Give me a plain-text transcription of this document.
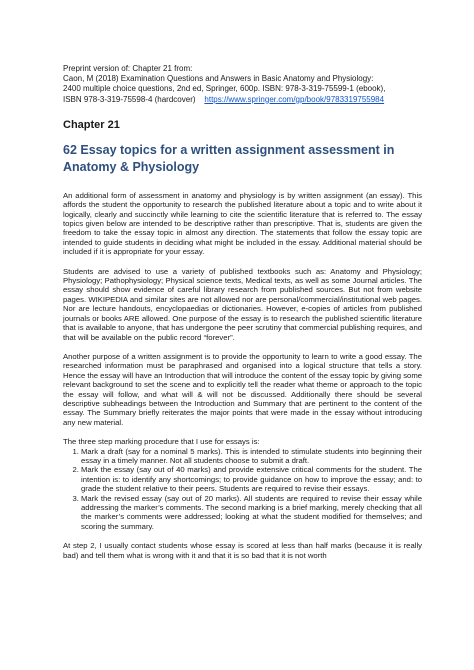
Preprint version of: Chapter 21 from:
Caon, M (2018) Examination Questions and Answers in Basic Anatomy and Physiology:
2400 multiple choice questions, 2nd ed, Springer, 600p. ISBN: 978-3-319-75599-1 (ebook),
ISBN 978-3-319-75598-4 (hardcover) https://www.springer.com/gp/book/9783319755984
Chapter 21
62 Essay topics for a written assignment assessment in Anatomy & Physiology

An additional form of assessment in anatomy and physiology is by written assignment (an essay). This affords the student the opportunity to research the published literature about a topic and to write about it logically, clearly and succinctly while learning to cite the scientific literature that is referred to. The essay topics given below are intended to be descriptive rather than prescriptive. That is, students are given the freedom to take the essay topic in almost any direction. The statements that follow the essay topic are intended to guide students in deciding what might be included in the essay. Additional material should be included if it is appropriate for your essay.

Students are advised to use a variety of published textbooks such as: Anatomy and Physiology; Physiology; Pathophysiology; Physical science texts, Medical texts, as well as some Journal articles. The essay should show evidence of careful library research from published sources. But not from website pages. WIKIPEDIA and similar sites are not allowed nor are personal/commercial/institutional web pages. Nor are lecture handouts, encyclopaedias or dictionaries. However, e-copies of articles from published journals or books ARE allowed. One purpose of the essay is to research the published scientific literature that is available to anyone, that has undergone the peer scrutiny that commercial publishing requires, and that will be available on the public record “forever”.

Another purpose of a written assignment is to provide the opportunity to learn to write a good essay. The researched information must be paraphrased and organised into a logical structure that tells a story. Hence the essay will have an Introduction that will introduce the content of the essay topic by giving some relevant background to set the scene and to explicitly tell the reader what theme or approach to the topic the essay will follow, and what will & will not be discussed. Additionally there should be several descriptive subheadings between the Introduction and Summary that are pertinent to the content of the essay. The Summary briefly reiterates the major points that were made in the essay without introducing any new material.

The three step marking procedure that I use for essays is:

1. Mark a draft (say for a nominal 5 marks). This is intended to stimulate students into beginning their essay in a timely manner. Not all students choose to submit a draft.
2. Mark the essay (say out of 40 marks) and provide extensive critical comments for the student. The intention is: to identify any shortcomings; to provide guidance on how to improve the essay; and: to grade the student relative to their peers. Students are required to revise their essays.
3. Mark the revised essay (say out of 20 marks). All students are required to revise their essay while addressing the marker’s comments. The second marking is a brief marking, merely checking that all the marker’s comments were addressed; looking at what the student modified for themselves; and scoring the summary.

At step 2, I usually contact students whose essay is scored at less than half marks (because it is really bad) and tell them what is wrong with it and that it is so bad that it is not worth
